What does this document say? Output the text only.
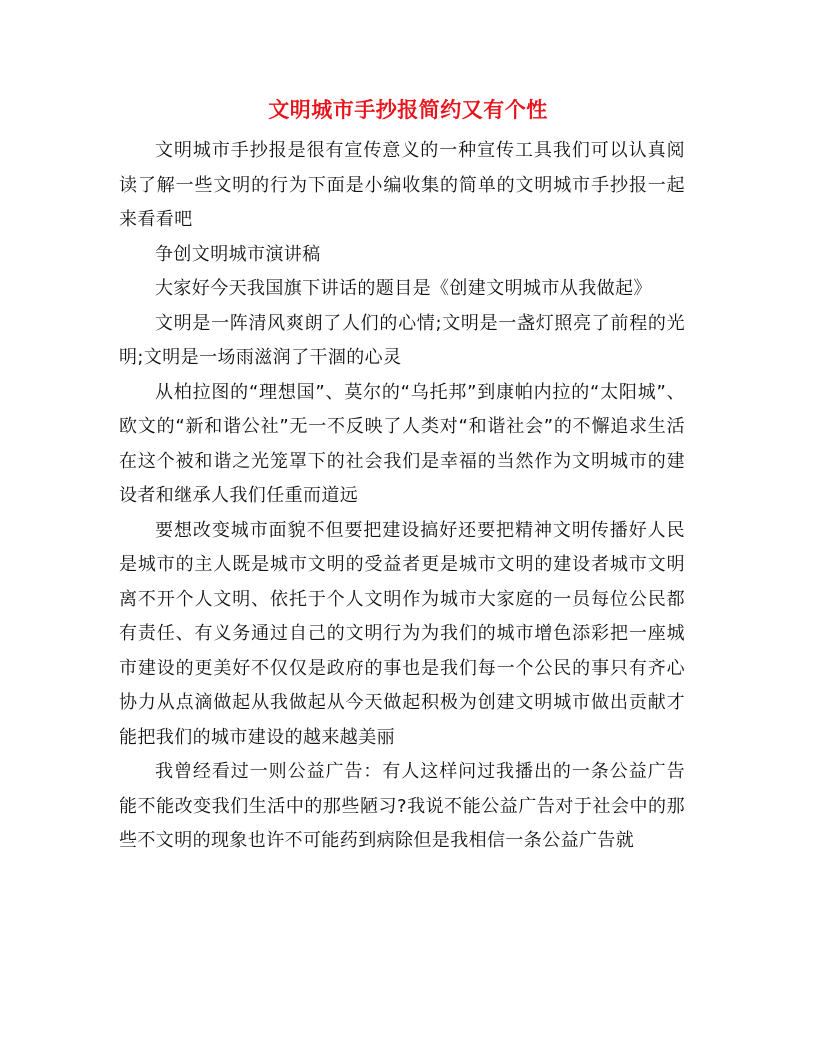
文明城市手抄报简约又有个性

文明城市手抄报是很有宣传意义的一种宣传工具我们可以认真阅读了解一些文明的行为下面是小编收集的简单的文明城市手抄报一起来看看吧

争创文明城市演讲稿

大家好今天我国旗下讲话的题目是《创建文明城市从我做起》

文明是一阵清风爽朗了人们的心情;文明是一盏灯照亮了前程的光明;文明是一场雨滋润了干涸的心灵

从柏拉图的“理想国”、莫尔的“乌托邦”到康帕内拉的“太阳城”、欧文的“新和谐公社”无一不反映了人类对“和谐社会”的不懈追求生活在这个被和谐之光笼罩下的社会我们是幸福的当然作为文明城市的建设者和继承人我们任重而道远

要想改变城市面貌不但要把建设搞好还要把精神文明传播好人民是城市的主人既是城市文明的受益者更是城市文明的建设者城市文明离不开个人文明、依托于个人文明作为城市大家庭的一员每位公民都有责任、有义务通过自己的文明行为为我们的城市增色添彩把一座城市建设的更美好不仅仅是政府的事也是我们每一个公民的事只有齐心协力从点滴做起从我做起从今天做起积极为创建文明城市做出贡献才能把我们的城市建设的越来越美丽

我曾经看过一则公益广告：有人这样问过我播出的一条公益广告能不能改变我们生活中的那些陋习?我说不能公益广告对于社会中的那些不文明的现象也许不可能药到病除但是我相信一条公益广告就
